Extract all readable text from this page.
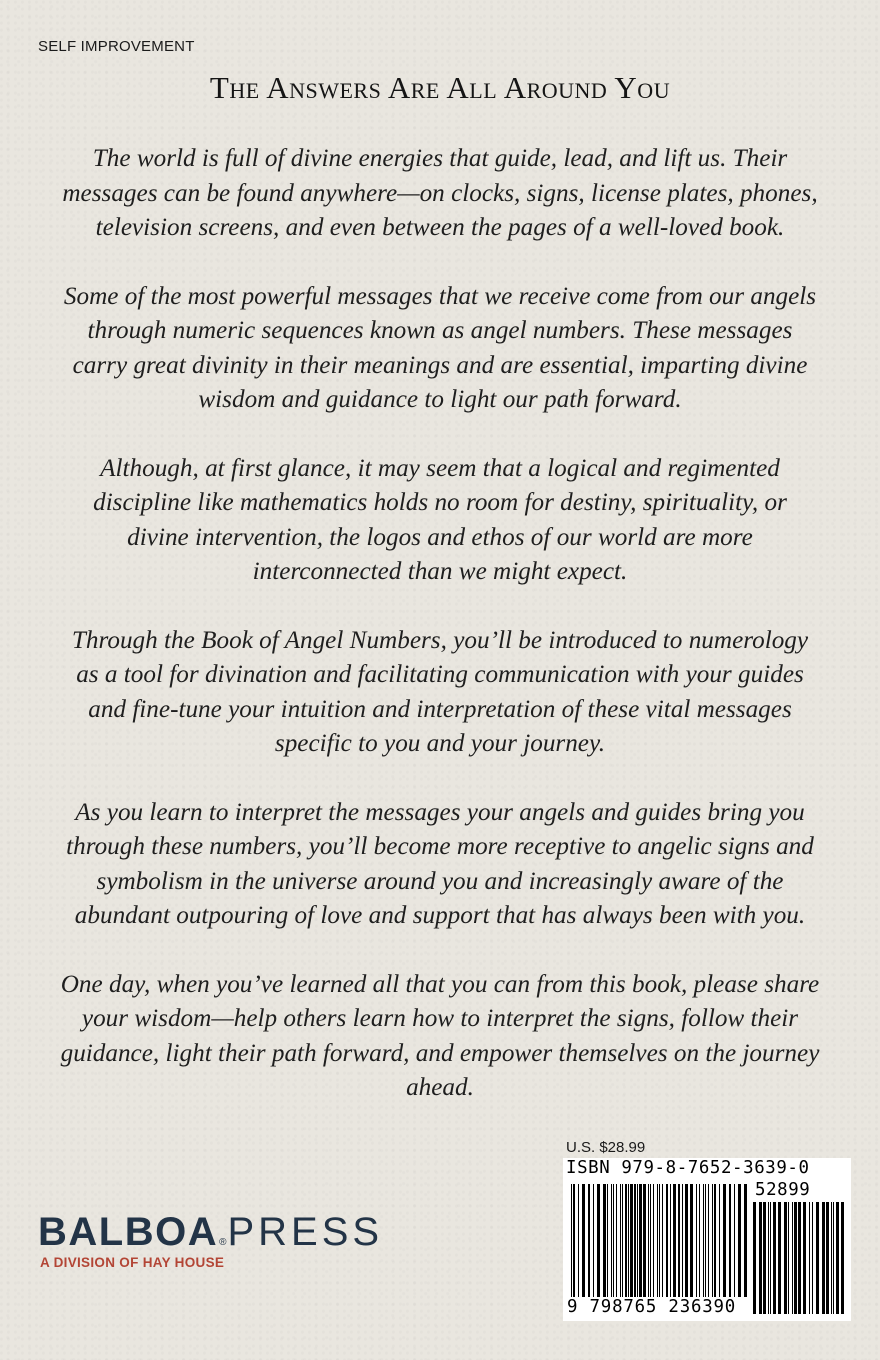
SELF IMPROVEMENT
The Answers Are All Around You

The world is full of divine energies that guide, lead, and lift us. Their messages can be found anywhere—on clocks, signs, license plates, phones, television screens, and even between the pages of a well-loved book.

Some of the most powerful messages that we receive come from our angels through numeric sequences known as angel numbers. These messages carry great divinity in their meanings and are essential, imparting divine wisdom and guidance to light our path forward.

Although, at first glance, it may seem that a logical and regimented discipline like mathematics holds no room for destiny, spirituality, or divine intervention, the logos and ethos of our world are more interconnected than we might expect.

Through the Book of Angel Numbers, you’ll be introduced to numerology as a tool for divination and facilitating communication with your guides and fine-tune your intuition and interpretation of these vital messages specific to you and your journey.

As you learn to interpret the messages your angels and guides bring you through these numbers, you’ll become more receptive to angelic signs and symbolism in the universe around you and increasingly aware of the abundant outpouring of love and support that has always been with you.

One day, when you’ve learned all that you can from this book, please share your wisdom—help others learn how to interpret the signs, follow their guidance, light their path forward, and empower themselves on the journey ahead.

U.S. $28.99
ISBN 979-8-7652-3639-0
52899
9 798765 236390
BALBOA®PRESS
A DIVISION OF HAY HOUSE
